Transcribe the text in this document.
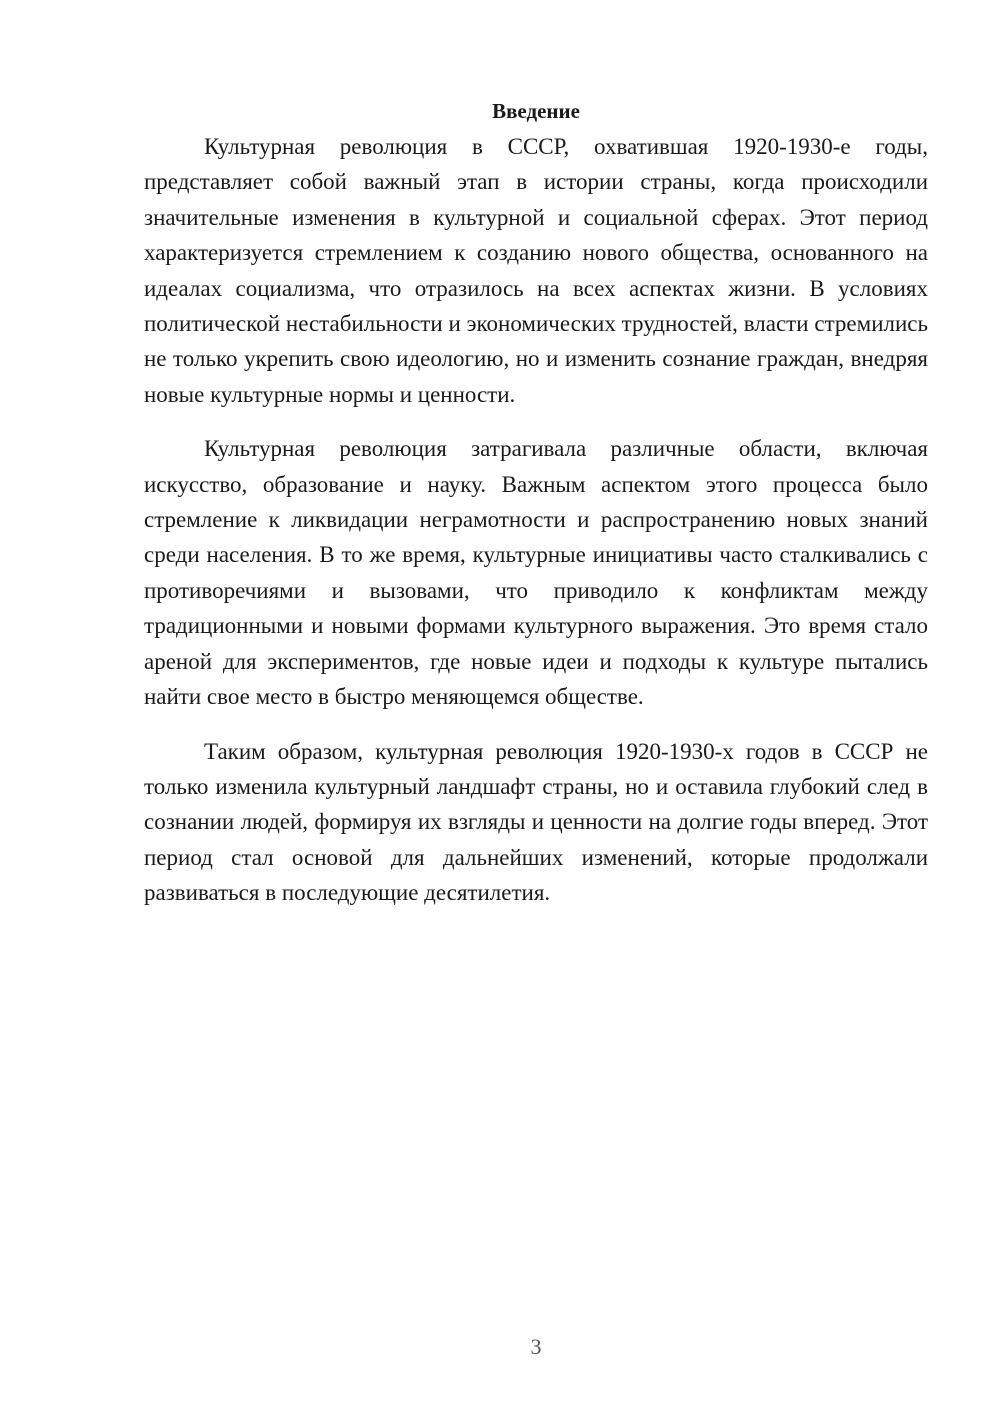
Введение

Культурная революция в СССР, охватившая 1920-1930-е годы, представляет собой важный этап в истории страны, когда происходили значительные изменения в культурной и социальной сферах. Этот период характеризуется стремлением к созданию нового общества, основанного на идеалах социализма, что отразилось на всех аспектах жизни. В условиях политической нестабильности и экономических трудностей, власти стремились не только укрепить свою идеологию, но и изменить сознание граждан, внедряя новые культурные нормы и ценности.

Культурная революция затрагивала различные области, включая искусство, образование и науку. Важным аспектом этого процесса было стремление к ликвидации неграмотности и распространению новых знаний среди населения. В то же время, культурные инициативы часто сталкивались с противоречиями и вызовами, что приводило к конфликтам между традиционными и новыми формами культурного выражения. Это время стало ареной для экспериментов, где новые идеи и подходы к культуре пытались найти свое место в быстро меняющемся обществе.

Таким образом, культурная революция 1920-1930-х годов в СССР не только изменила культурный ландшафт страны, но и оставила глубокий след в сознании людей, формируя их взгляды и ценности на долгие годы вперед. Этот период стал основой для дальнейших изменений, которые продолжали развиваться в последующие десятилетия.

3
